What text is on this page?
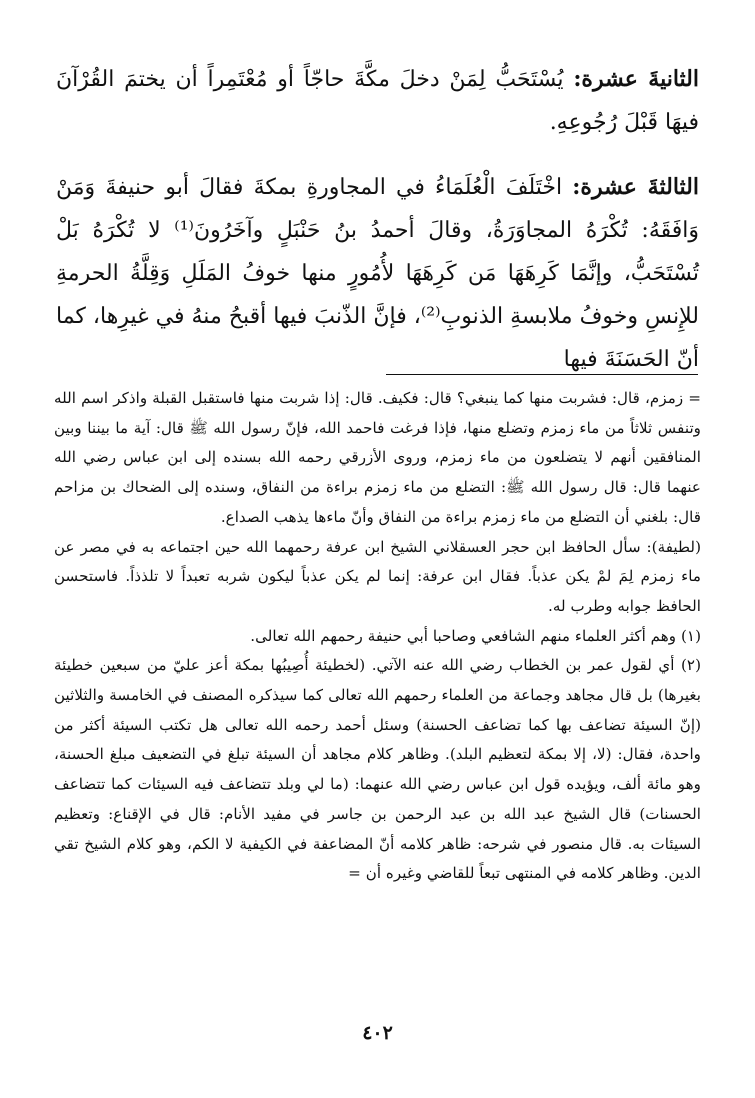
الثانيةَ عشرة: يُسْتَحَبُّ لِمَنْ دخلَ مكَّةَ حاجّاً أو مُعْتَمِراً أن يختمَ القُرْآنَ فيهَا قَبْلَ رُجُوعِهِ.

الثالثةَ عشرة: اخْتَلَفَ الْعُلَمَاءُ في المجاورةِ بمكةَ فقالَ أبو حنيفةَ وَمَنْ وَافَقَهُ: تُكْرَهُ المجاوَرَةُ، وقالَ أحمدُ بنُ حَنْبَلٍ وآخَرُونَ⁽¹⁾ لا تُكْرَهُ بَلْ تُسْتَحَبُّ، وإنَّمَا كَرِهَهَا مَن كَرِهَهَا لأُمُورٍ منها خوفُ المَلَلِ وَقِلَّةُ الحرمةِ للإِنسِ وخوفُ ملابسةِ الذنوبِ⁽²⁾، فإنَّ الذّنبَ فيها أقبحُ منهُ في غيرِها، كما أنّ الحَسَنَةَ فيها

= زمزم، قال: فشربت منها كما ينبغي؟ قال: فكيف. قال: إذا شربت منها فاستقبل القبلة واذكر اسم الله وتنفس ثلاثاً من ماء زمزم وتضلع منها، فإذا فرغت فاحمد الله، فإنّ رسول الله ﷺ قال: آية ما بيننا وبين المنافقين أنهم لا يتضلعون من ماء زمزم، وروى الأزرقي رحمه الله بسنده إلى ابن عباس رضي الله عنهما قال: قال رسول الله ﷺ: التضلع من ماء زمزم براءة من النفاق، وسنده إلى الضحاك بن مزاحم قال: بلغني أن التضلع من ماء زمزم براءة من النفاق وأنّ ماءها يذهب الصداع.

(لطيفة): سأل الحافظ ابن حجر العسقلاني الشيخ ابن عرفة رحمهما الله حين اجتماعه به في مصر عن ماء زمزم لِمَ لمْ يكن عذباً. فقال ابن عرفة: إنما لم يكن عذباً ليكون شربه تعبداً لا تلذذاً. فاستحسن الحافظ جوابه وطرب له.

(١) وهم أكثر العلماء منهم الشافعي وصاحبا أبي حنيفة رحمهم الله تعالى.

(٢) أي لقول عمر بن الخطاب رضي الله عنه الآتي. (لخطيئة أُصِيبُها بمكة أعز عليّ من سبعين خطيئة بغيرها) بل قال مجاهد وجماعة من العلماء رحمهم الله تعالى كما سيذكره المصنف في الخامسة والثلاثين (إنّ السيئة تضاعف بها كما تضاعف الحسنة) وسئل أحمد رحمه الله تعالى هل تكتب السيئة أكثر من واحدة، فقال: (لا، إلا بمكة لتعظيم البلد). وظاهر كلام مجاهد أن السيئة تبلغ في التضعيف مبلغ الحسنة، وهو مائة ألف، ويؤيده قول ابن عباس رضي الله عنهما: (ما لي وبلد تتضاعف فيه السيئات كما تتضاعف الحسنات) قال الشيخ عبد الله بن عبد الرحمن بن جاسر في مفيد الأنام: قال في الإقناع: وتعظيم السيئات به. قال منصور في شرحه: ظاهر كلامه أنّ المضاعفة في الكيفية لا الكم، وهو كلام الشيخ تقي الدين. وظاهر كلامه في المنتهى تبعاً للقاضي وغيره أن =

٤٠٢
